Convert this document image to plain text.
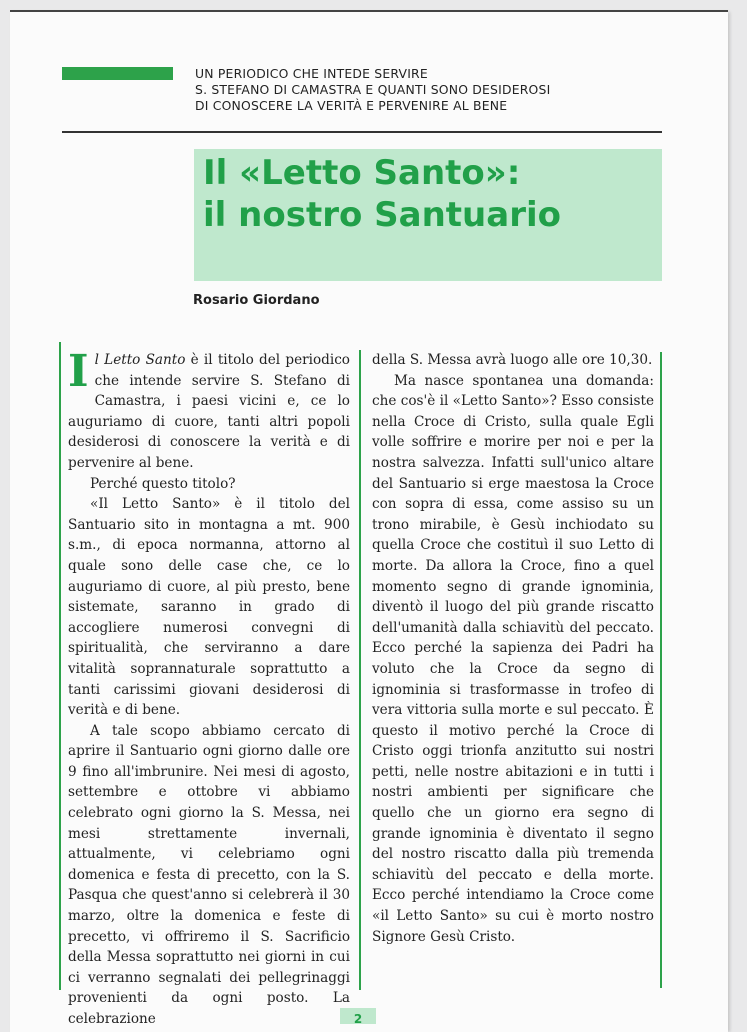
UN PERIODICO CHE INTEDE SERVIRE
S. STEFANO DI CAMASTRA E QUANTI SONO DESIDEROSI
DI CONOSCERE LA VERITÀ E PERVENIRE AL BENE
Il «Letto Santo»:
il nostro Santuario
Rosario Giordano

Il Letto Santo è il titolo del periodico che intende servire S. Stefano di Camastra, i paesi vicini e, ce lo auguriamo di cuore, tanti altri popoli desiderosi di conoscere la verità e di pervenire al bene.

Perché questo titolo?

«Il Letto Santo» è il titolo del Santuario sito in montagna a mt. 900 s.m., di epoca normanna, attorno al quale sono delle case che, ce lo auguriamo di cuore, al più presto, bene sistemate, saranno in grado di accogliere numerosi convegni di spiritualità, che serviranno a dare vitalità soprannaturale soprattutto a tanti carissimi giovani desiderosi di verità e di bene.

A tale scopo abbiamo cercato di aprire il Santuario ogni giorno dalle ore 9 fino all'imbrunire. Nei mesi di agosto, settembre e ottobre vi abbiamo celebrato ogni giorno la S. Messa, nei mesi strettamente invernali, attualmente, vi celebriamo ogni domenica e festa di precetto, con la S. Pasqua che quest'anno si celebrerà il 30 marzo, oltre la domenica e feste di precetto, vi offriremo il S. Sacrificio della Messa soprattutto nei giorni in cui ci verranno segnalati dei pellegrinaggi provenienti da ogni posto. La celebrazione

della S. Messa avrà luogo alle ore 10,30.

Ma nasce spontanea una domanda: che cos'è il «Letto Santo»? Esso consiste nella Croce di Cristo, sulla quale Egli volle soffrire e morire per noi e per la nostra salvezza. Infatti sull'unico altare del Santuario si erge maestosa la Croce con sopra di essa, come assiso su un trono mirabile, è Gesù inchiodato su quella Croce che costituì il suo Letto di morte. Da allora la Croce, fino a quel momento segno di grande ignominia, diventò il luogo del più grande riscatto dell'umanità dalla schiavitù del peccato. Ecco perché la sapienza dei Padri ha voluto che la Croce da segno di ignominia si trasformasse in trofeo di vera vittoria sulla morte e sul peccato. È questo il motivo perché la Croce di Cristo oggi trionfa anzitutto sui nostri petti, nelle nostre abitazioni e in tutti i nostri ambienti per significare che quello che un giorno era segno di grande ignominia è diventato il segno del nostro riscatto dalla più tremenda schiavitù del peccato e della morte. Ecco perché intendiamo la Croce come «il Letto Santo» su cui è morto nostro Signore Gesù Cristo.

2
